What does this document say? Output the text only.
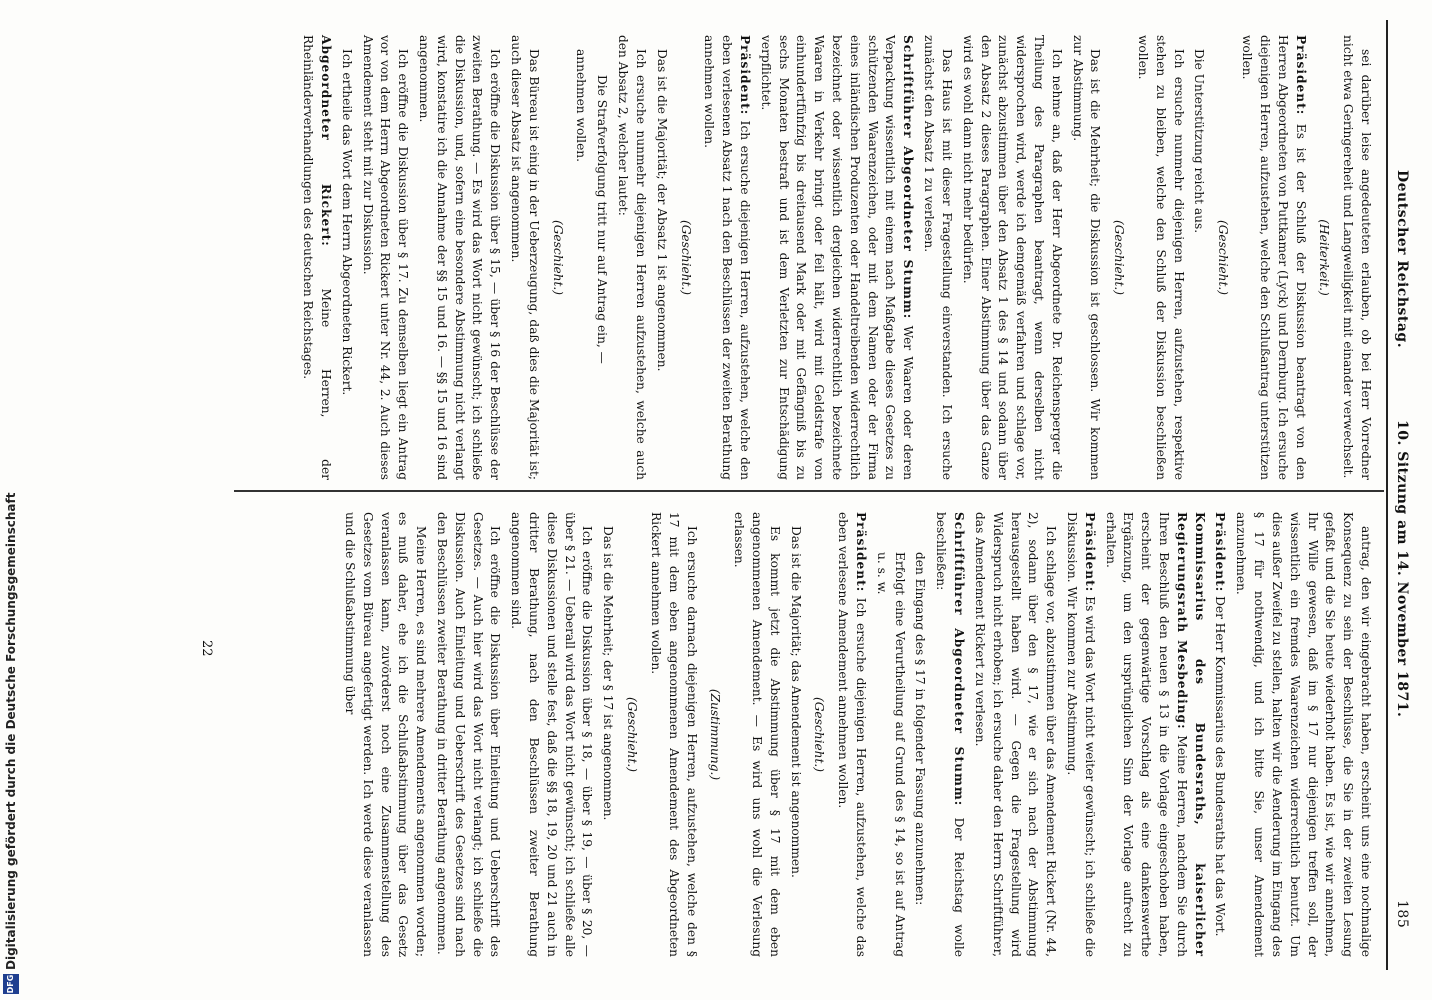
Deutscher Reichstag.
10. Sitzung am 14. November 1871.
185

sei darüber leise angedeuteten erlauben, ob bei Herr Vorredner nicht etwa Geringereheit und Langweiligkeit mit einander verwechselt.

(Heiterkeit.)

Präsident: Es ist der Schluß der Diskussion beantragt von den Herren Abgeordneten von Puttkamer (Lyck) und Dernburg. Ich ersuche diejenigen Herren, aufzustehen, welche den Schlußantrag unterstützen wollen.

(Geschieht.)

Die Unterstützung reicht aus.

Ich ersuche nunmehr diejenigen Herren, aufzustehen, respektive stehen zu bleiben, welche den Schluß der Diskussion beschließen wollen.

(Geschieht.)

Das ist die Mehrheit; die Diskussion ist geschlossen. Wir kommen zur Abstimmung.

Ich nehme an, daß der Herr Abgeordnete Dr. Reichensperger die Theilung des Paragraphen beantragt, wenn derselben nicht widersprochen wird, werde ich demgemäß verfahren und schlage vor, zunächst abzustimmen über den Absatz 1 des § 14 und sodann über den Absatz 2 dieses Paragraphen. Einer Abstimmung über das Ganze wird es wohl dann nicht mehr bedürfen.

Das Haus ist mit dieser Fragestellung einverstanden. Ich ersuche zunächst den Absatz 1 zu verlesen.

Schriftführer Abgeordneter Stumm: Wer Waaren oder deren Verpackung wissentlich mit einem nach Maßgabe dieses Gesetzes zu schützenden Waarenzeichen, oder mit dem Namen oder der Firma eines inländischen Produzenten oder Handeltreibenden widerrechtlich bezeichnet oder wissentlich dergleichen widerrechtlich bezeichnete Waaren in Verkehr bringt oder feil hält, wird mit Geldstrafe von einhundertfünfzig bis dreitausend Mark oder mit Gefängniß bis zu sechs Monaten bestraft und ist dem Verletzten zur Entschädigung verpflichtet.

Präsident: Ich ersuche diejenigen Herren, aufzustehen, welche den eben verlesenen Absatz 1 nach den Beschlüssen der zweiten Berathung annehmen wollen.

(Geschieht.)

Das ist die Majorität; der Absatz 1 ist angenommen.

Ich ersuche nunmehr diejenigen Herren aufzustehen, welche auch den Absatz 2, welcher lautet:

Die Strafverfolgung tritt nur auf Antrag ein, —

annehmen wollen.

(Geschieht.)

Das Büreau ist einig in der Ueberzeugung, daß dies die Majorität ist; auch dieser Absatz ist angenommen.

Ich eröffne die Diskussion über § 15, — über § 16 der Beschlüsse der zweiten Berathung. — Es wird das Wort nicht gewünscht; ich schließe die Diskussion, und, sofern eine besondere Abstimmung nicht verlangt wird, konstatire ich die Annahme der §§ 15 und 16. — §§ 15 und 16 sind angenommen.

Ich eröffne die Diskussion über § 17. Zu demselben liegt ein Antrag vor von dem Herrn Abgeordneten Rickert unter Nr. 44, 2. Auch dieses Amendement steht mit zur Diskussion.

Ich ertheile das Wort dem Herrn Abgeordneten Rickert.

Abgeordneter Rickert: Meine Herren, der Rheinländerverhandlungen des deutschen Reichstages.

antrag, den wir eingebracht haben, erscheint uns eine nochmalige Konsequenz zu sein der Beschlüsse, die Sie in der zweiten Lesung gefaßt und die Sie heute wiederholt haben. Es ist, wie wir annehmen, Ihr Wille gewesen, daß im § 17 nur diejenigen treffen soll, der wissentlich ein fremdes Waarenzeichen widerrechtlich benutzt. Um dies außer Zweifel zu stellen, halten wir die Aenderung im Eingang des § 17 für nothwendig, und ich bitte Sie, unser Amendement anzunehmen.

Präsident: Der Herr Kommissarius des Bundesraths hat das Wort.

Kommissarius des Bundesraths, kaiserlicher Regierungsrath Mesbeding: Meine Herren, nachdem Sie durch Ihren Beschluß den neuen § 13 in die Vorlage eingeschoben haben, erscheint der gegenwärtige Vorschlag als eine dankenswerthe Ergänzung, um den ursprünglichen Sinn der Vorlage aufrecht zu erhalten.

Präsident: Es wird das Wort nicht weiter gewünscht; ich schließe die Diskussion. Wir kommen zur Abstimmung.

Ich schlage vor, abzustimmen über das Amendement Rickert (Nr. 44, 2), sodann über den § 17, wie er sich nach der Abstimmung herausgestellt haben wird. — Gegen die Fragestellung wird Widerspruch nicht erhoben; ich ersuche daher den Herrn Schriftführer, das Amendement Rickert zu verlesen.

Schriftführer Abgeordneter Stumm: Der Reichstag wolle beschließen:

den Eingang des § 17 in folgender Fassung anzunehmen:

Erfolgt eine Verurtheilung auf Grund des § 14, so ist auf Antrag u. s. w.

Präsident: Ich ersuche diejenigen Herren, aufzustehen, welche das eben verlesene Amendement annehmen wollen.

(Geschieht.)

Das ist die Majorität; das Amendement ist angenommen.

Es kommt jetzt die Abstimmung über § 17 mit dem eben angenommenen Amendement. — Es wird uns wohl die Verlesung erlassen.

(Zustimmung.)

Ich ersuche darnach diejenigen Herren, aufzustehen, welche den § 17 mit dem eben angenommenen Amendement des Abgeordneten Rickert annehmen wollen.

(Geschieht.)

Das ist die Mehrheit; der § 17 ist angenommen.

Ich eröffne die Diskussion über § 18, — über § 19, — über § 20, — über § 21. — Ueberall wird das Wort nicht gewünscht; ich schließe alle diese Diskussionen und stelle fest, daß die §§ 18, 19, 20 und 21 auch in dritter Berathung, nach den Beschlüssen zweiter Berathung angenommen sind.

Ich eröffne die Diskussion über Einleitung und Ueberschrift des Gesetzes. — Auch hier wird das Wort nicht verlangt; ich schließe die Diskussion. Auch Einleitung und Ueberschrift des Gesetzes sind nach den Beschlüssen zweiter Berathung in dritter Berathung angenommen.

Meine Herren, es sind mehrere Amendements angenommen worden; es muß daher, ehe ich die Schlußabstimmung über das Gesetz veranlassen kann, zuvörderst noch eine Zusammenstellung des Gesetzes vom Büreau angefertigt werden. Ich werde diese veranlassen und die Schlußabstimmung über

22
DFG
Digitalisierung gefördert durch die Deutsche Forschungsgemeinschaft
